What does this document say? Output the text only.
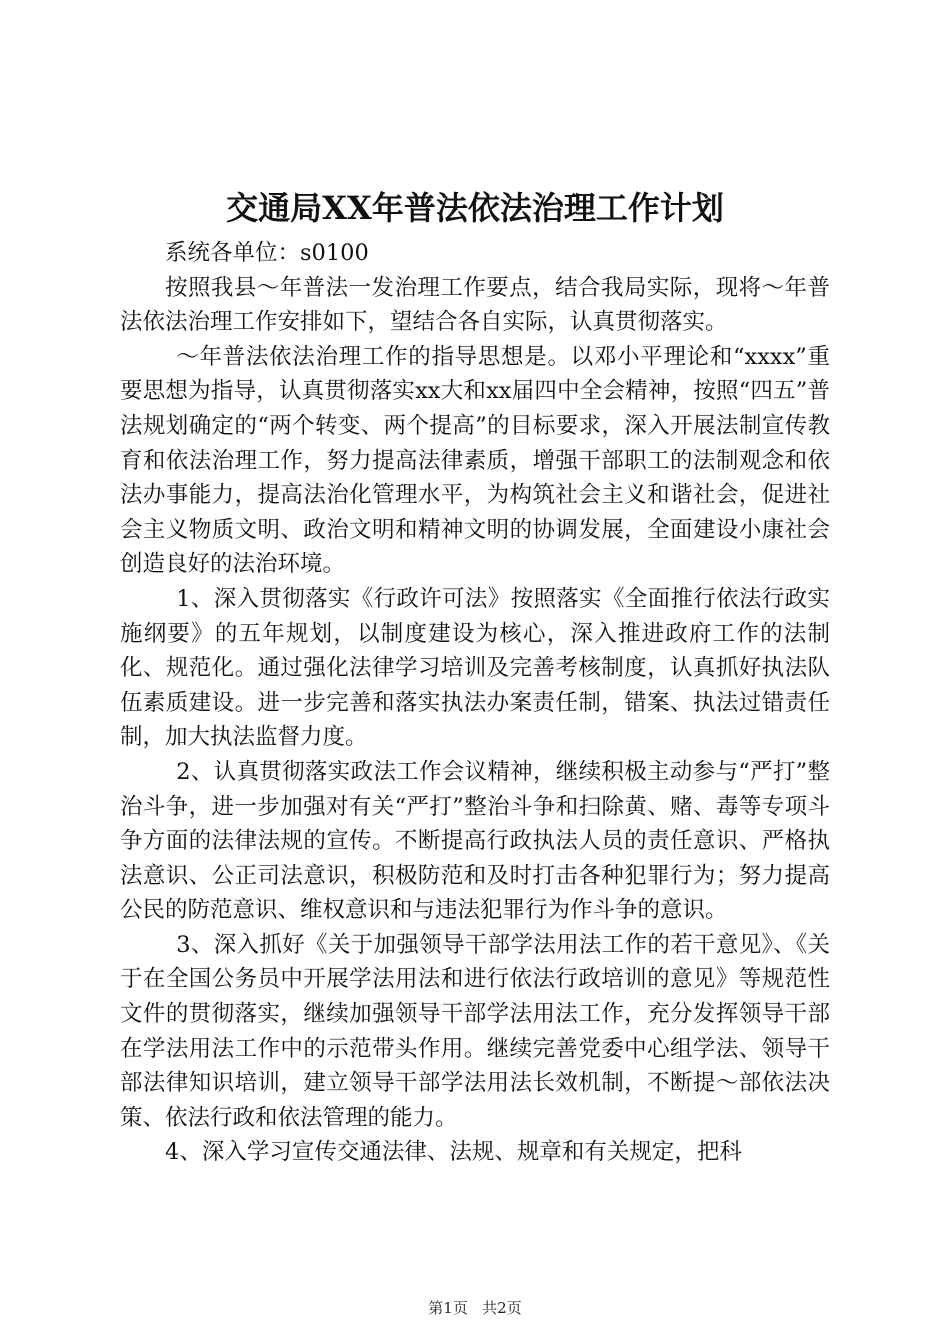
交通局XX年普法依法治理工作计划

系统各单位：s0100

按照我县～年普法一发治理工作要点，结合我局实际，现将～年普法依法治理工作安排如下，望结合各自实际，认真贯彻落实。

～年普法依法治理工作的指导思想是。以邓小平理论和“xxxx”重要思想为指导，认真贯彻落实xx大和xx届四中全会精神，按照“四五”普法规划确定的“两个转变、两个提高”的目标要求，深入开展法制宣传教育和依法治理工作，努力提高法律素质，增强干部职工的法制观念和依法办事能力，提高法治化管理水平，为构筑社会主义和谐社会，促进社会主义物质文明、政治文明和精神文明的协调发展，全面建设小康社会创造良好的法治环境。

1、深入贯彻落实《行政许可法》按照落实《全面推行依法行政实施纲要》的五年规划，以制度建设为核心，深入推进政府工作的法制化、规范化。通过强化法律学习培训及完善考核制度，认真抓好执法队伍素质建设。进一步完善和落实执法办案责任制，错案、执法过错责任制，加大执法监督力度。

2、认真贯彻落实政法工作会议精神，继续积极主动参与“严打”整治斗争，进一步加强对有关“严打”整治斗争和扫除黄、赌、毒等专项斗争方面的法律法规的宣传。不断提高行政执法人员的责任意识、严格执法意识、公正司法意识，积极防范和及时打击各种犯罪行为；努力提高公民的防范意识、维权意识和与违法犯罪行为作斗争的意识。

3、深入抓好《关于加强领导干部学法用法工作的若干意见》、《关于在全国公务员中开展学法用法和进行依法行政培训的意见》等规范性文件的贯彻落实，继续加强领导干部学法用法工作，充分发挥领导干部在学法用法工作中的示范带头作用。继续完善党委中心组学法、领导干部法律知识培训，建立领导干部学法用法长效机制，不断提～部依法决策、依法行政和依法管理的能力。

4、深入学习宣传交通法律、法规、规章和有关规定，把科

第1页 共2页
